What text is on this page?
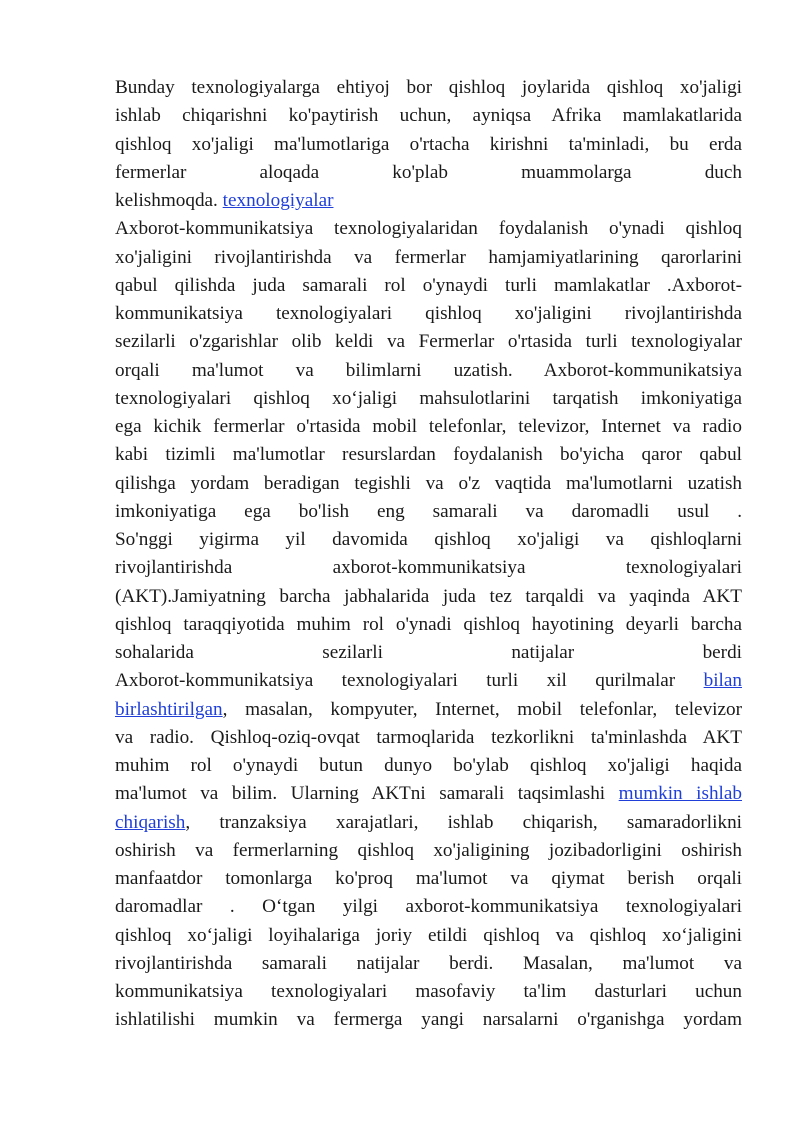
Bunday texnologiyalarga ehtiyoj bor qishloq joylarida qishloq xo'jaligi
ishlab chiqarishni ko'paytirish uchun, ayniqsa Afrika mamlakatlarida
qishloq xo'jaligi ma'lumotlariga o'rtacha kirishni ta'minladi, bu erda
fermerlar aloqada ko'plab muammolarga duch
kelishmoqda. texnologiyalar
Axborot-kommunikatsiya texnologiyalaridan foydalanish o'ynadi qishloq
xo'jaligini rivojlantirishda va fermerlar hamjamiyatlarining qarorlarini
qabul qilishda juda samarali rol o'ynaydi turli mamlakatlar .Axborot-
kommunikatsiya texnologiyalari qishloq xo'jaligini rivojlantirishda
sezilarli o'zgarishlar olib keldi va Fermerlar o'rtasida turli texnologiyalar
orqali ma'lumot va bilimlarni uzatish. Axborot-kommunikatsiya
texnologiyalari qishloq xo‘jaligi mahsulotlarini tarqatish imkoniyatiga
ega kichik fermerlar o'rtasida mobil telefonlar, televizor, Internet va radio
kabi tizimli ma'lumotlar resurslardan foydalanish bo'yicha qaror qabul
qilishga yordam beradigan tegishli va o'z vaqtida ma'lumotlarni uzatish
imkoniyatiga ega bo'lish eng samarali va daromadli usul .
So'nggi yigirma yil davomida qishloq xo'jaligi va qishloqlarni
rivojlantirishda axborot-kommunikatsiya texnologiyalari
(AKT).Jamiyatning barcha jabhalarida juda tez tarqaldi va yaqinda AKT
qishloq taraqqiyotida muhim rol o'ynadi qishloq hayotining deyarli barcha
sohalarida sezilarli natijalar berdi
Axborot-kommunikatsiya texnologiyalari turli xil qurilmalar bilan
birlashtirilgan, masalan, kompyuter, Internet, mobil telefonlar, televizor
va radio. Qishloq-oziq-ovqat tarmoqlarida tezkorlikni ta'minlashda AKT
muhim rol o'ynaydi butun dunyo bo'ylab qishloq xo'jaligi haqida
ma'lumot va bilim. Ularning AKTni samarali taqsimlashi mumkin ishlab
chiqarish, tranzaksiya xarajatlari, ishlab chiqarish, samaradorlikni
oshirish va fermerlarning qishloq xo'jaligining jozibadorligini oshirish
manfaatdor tomonlarga ko'proq ma'lumot va qiymat berish orqali
daromadlar . O‘tgan yilgi axborot-kommunikatsiya texnologiyalari
qishloq xo‘jaligi loyihalariga joriy etildi qishloq va qishloq xo‘jaligini
rivojlantirishda samarali natijalar berdi. Masalan, ma'lumot va
kommunikatsiya texnologiyalari masofaviy ta'lim dasturlari uchun
ishlatilishi mumkin va fermerga yangi narsalarni o'rganishga yordam
